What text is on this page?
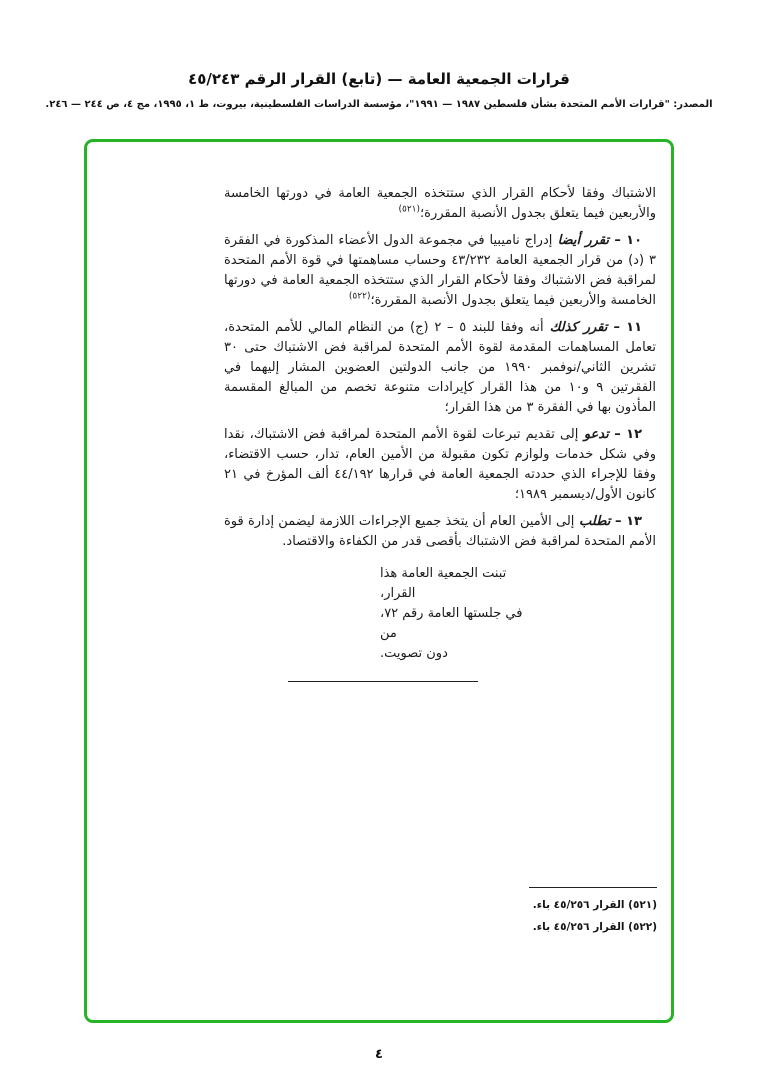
قرارات الجمعية العامة — (تابع) القرار الرقم ٤٥/٢٤٣
المصدر: "قرارات الأمم المتحدة بشأن فلسطين ١٩٨٧ — ١٩٩١"، مؤسسة الدراسات الفلسطينية، بيروت، ط ١، ١٩٩٥، مج ٤، ص ٢٤٤ — ٢٤٦.

الاشتباك وفقا لأحكام القرار الذي ستتخذه الجمعية العامة في دورتها الخامسة والأربعين فيما يتعلق بجدول الأنصبة المقررة؛$^{(٥٢١)}$

١٠ –تقرر أيضاإدراج ناميبيا في مجموعة الدول الأعضاء المذكورة في الفقرة ٣ (د) من قرار الجمعية العامة ٤٣/٢٣٢ وحساب مساهمتها في قوة الأمم المتحدة لمراقبة فض الاشتباك وفقا لأحكام القرار الذي ستتخذه الجمعية العامة في دورتها الخامسة والأربعين فيما يتعلق بجدول الأنصبة المقررة؛$^{(٥٢٢)}$

١١ –تقرر كذلكأنه وفقا للبند ٥ – ٢ (ج) من النظام المالي للأمم المتحدة، تعامل المساهمات المقدمة لقوة الأمم المتحدة لمراقبة فض الاشتباك حتى ٣٠ تشرين الثاني/نوفمبر ١٩٩٠ من جانب الدولتين العضوين المشار إليهما في الفقرتين ٩ و١٠ من هذا القرار كإيرادات متنوعة تخصم من المبالغ المقسمة المأذون بها في الفقرة ٣ من هذا القرار؛

١٢ –تدعوإلى تقديم تبرعات لقوة الأمم المتحدة لمراقبة فض الاشتباك، نقدا وفي شكل خدمات ولوازم تكون مقبولة من الأمين العام، تدار، حسب الاقتضاء، وفقا للإجراء الذي حددته الجمعية العامة في قرارها ٤٤/١٩٢ ألف المؤرخ في ٢١ كانون الأول/ديسمبر ١٩٨٩؛

١٣ –تطلبإلى الأمين العام أن يتخذ جميع الإجراءات اللازمة ليضمن إدارة قوة الأمم المتحدة لمراقبة فض الاشتباك بأقصى قدر من الكفاءة والاقتصاد.

تبنت الجمعية العامة هذا القرار،
في جلستها العامة رقم ٧٢، من
دون تصويت.
(٥٢١) القرار ٤٥/٢٥٦ باء.
(٥٢٢) القرار ٤٥/٢٥٦ باء.
٤
